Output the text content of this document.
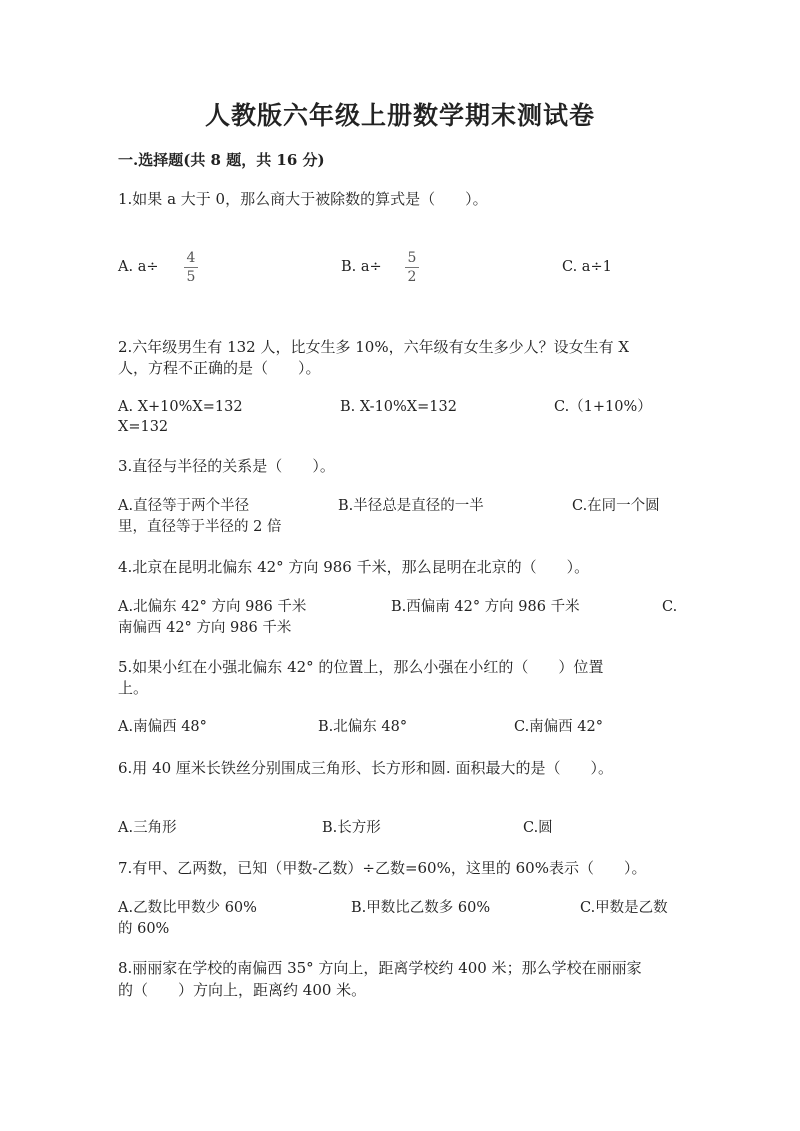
人教版六年级上册数学期末测试卷
一.选择题(共 8 题，共 16 分)
1.如果 a 大于 0，那么商大于被除数的算式是（　　）。
A. a÷
4
5
B. a÷
5
2
C. a÷1
2.六年级男生有 132 人，比女生多 10%，六年级有女生多少人？设女生有 X
人，方程不正确的是（　　）。
A. X+10%X=132	B. X-10%X=132	C.（1+10%）
X=132
3.直径与半径的关系是（　　）。
A.直径等于两个半径	B.半径总是直径的一半	C.在同一个圆
里，直径等于半径的 2 倍
4.北京在昆明北偏东 42° 方向 986 千米，那么昆明在北京的（　　）。
A.北偏东 42° 方向 986 千米	B.西偏南 42° 方向 986 千米	C.
南偏西 42° 方向 986 千米
5.如果小红在小强北偏东 42° 的位置上，那么小强在小红的（　　）位置
上。
A.南偏西 48°	B.北偏东 48°	C.南偏西 42°
6.用 40 厘米长铁丝分别围成三角形、长方形和圆. 面积最大的是（　　）。
A.三角形	B.长方形	C.圆
7.有甲、乙两数，已知（甲数-乙数）÷乙数=60%，这里的 60%表示（　　）。
A.乙数比甲数少 60%	B.甲数比乙数多 60%	C.甲数是乙数
的 60%
8.丽丽家在学校的南偏西 35° 方向上，距离学校约 400 米；那么学校在丽丽家
的（　　）方向上，距离约 400 米。
